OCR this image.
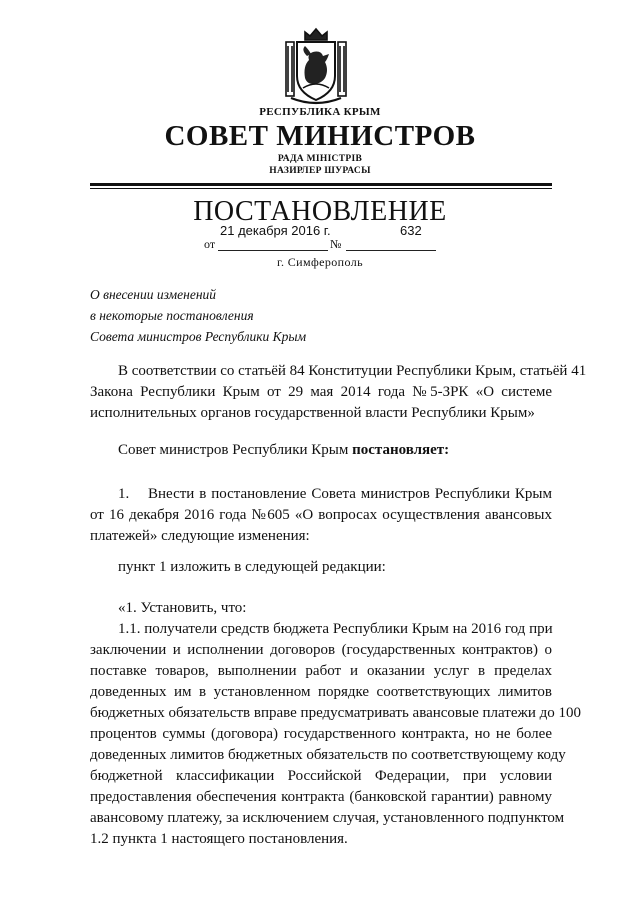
РЕСПУБЛИКА КРЫМ
СОВЕТ МИНИСТРОВ
РАДА МІНІСТРІВ
НАЗИРЛЕР ШУРАСЫ
ПОСТАНОВЛЕНИЕ
от
21 декабря 2016 г.
№
632
г. Симферополь
О внесении изменений
в некоторые постановления
Совета министров Республики Крым
В соответствии со статьёй 84 Конституции Республики Крым, статьёй 41
Закона Республики Крым от 29 мая 2014 года №5-ЗРК «О системе
исполнительных органов государственной власти Республики Крым»
Совет министров Республики Крым постановляет:
1. Внести в постановление Совета министров Республики Крым
от 16 декабря 2016 года №605 «О вопросах осуществления авансовых
платежей» следующие изменения:
пункт 1 изложить в следующей редакции:
«1. Установить, что:
1.1. получатели средств бюджета Республики Крым на 2016 год при
заключении и исполнении договоров (государственных контрактов) о
поставке товаров, выполнении работ и оказании услуг в пределах
доведенных им в установленном порядке соответствующих лимитов
бюджетных обязательств вправе предусматривать авансовые платежи до 100
процентов суммы (договора) государственного контракта, но не более
доведенных лимитов бюджетных обязательств по соответствующему коду
бюджетной классификации Российской Федерации, при условии
предоставления обеспечения контракта (банковской гарантии) равному
авансовому платежу, за исключением случая, установленного подпунктом
1.2 пункта 1 настоящего постановления.
